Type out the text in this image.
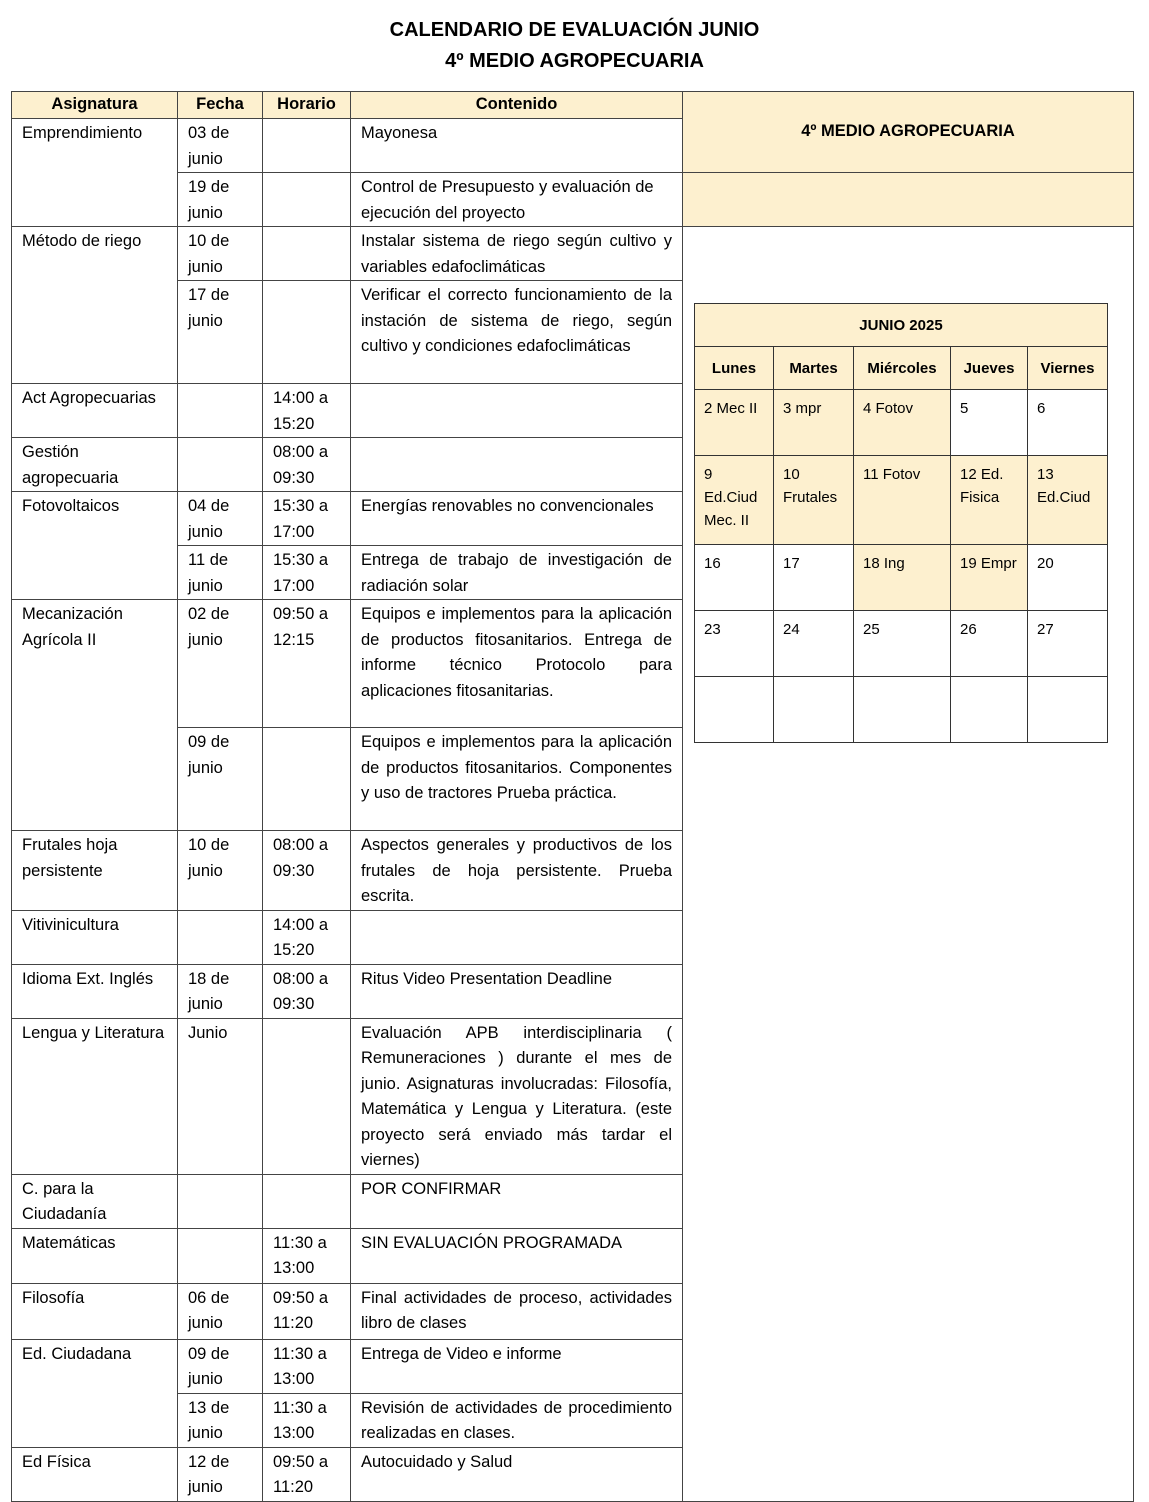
CALENDARIO DE EVALUACIÓN JUNIO
4º MEDIO AGROPECUARIA
Asignatura	Fecha	Horario	Contenido	4º MEDIO AGROPECUARIA
Emprendimiento	03 de junio		Mayonesa	
	19 de junio		Control de Presupuesto y evaluación de ejecución del proyecto	
Método de riego	10 de junio		Instalar sistema de riego según cultivo y variables edafoclimáticas	
	17 de junio		Verificar el correcto funcionamiento de la instación de sistema de riego, según cultivo y condiciones edafoclimáticas	
Act Agropecuarias		14:00 a 15:20		
Gestión agropecuaria		08:00 a 09:30		
Fotovoltaicos	04 de junio	15:30 a 17:00	Energías renovables no convencionales	
	11 de junio	15:30 a 17:00	Entrega de trabajo de investigación de radiación solar	
Mecanización Agrícola II	02 de junio	09:50 a 12:15	Equipos e implementos para la aplicación de productos fitosanitarios. Entrega de informe técnico Protocolo para aplicaciones fitosanitarias.	
	09 de junio		Equipos e implementos para la aplicación de productos fitosanitarios. Componentes y uso de tractores Prueba práctica.	
Frutales hoja persistente	10 de junio	08:00 a 09:30	Aspectos generales y productivos de los frutales de hoja persistente. Prueba escrita.	
Vitivinicultura		14:00 a 15:20		
Idioma Ext. Inglés	18 de junio	08:00 a 09:30	Ritus Video Presentation Deadline	
Lengua y Literatura	Junio		Evaluación APB interdisciplinaria ( Remuneraciones ) durante el mes de junio. Asignaturas involucradas: Filosofía, Matemática y Lengua y Literatura. (este proyecto será enviado más tardar el viernes)	
C. para la Ciudadanía			POR CONFIRMAR	
Matemáticas		11:30 a 13:00	SIN EVALUACIÓN PROGRAMADA	
Filosofía	06 de junio	09:50 a 11:20	Final actividades de proceso, actividades libro de clases	
Ed. Ciudadana	09 de junio	11:30 a 13:00	Entrega de Video e informe	
	13 de junio	11:30 a 13:00	Revisión de actividades de procedimiento realizadas en clases.	
Ed Física	12 de junio	09:50 a 11:20	Autocuidado y Salud	
JUNIO 2025				
Lunes	Martes	Miércoles	Jueves	Viernes
2 Mec II	3 mpr	4 Fotov	5	6
9 Ed.Ciud Mec. II	10 Frutales	11 Fotov	12 Ed. Fisica	13 Ed.Ciud
16	17	18 Ing	19 Empr	20
23	24	25	26	27
